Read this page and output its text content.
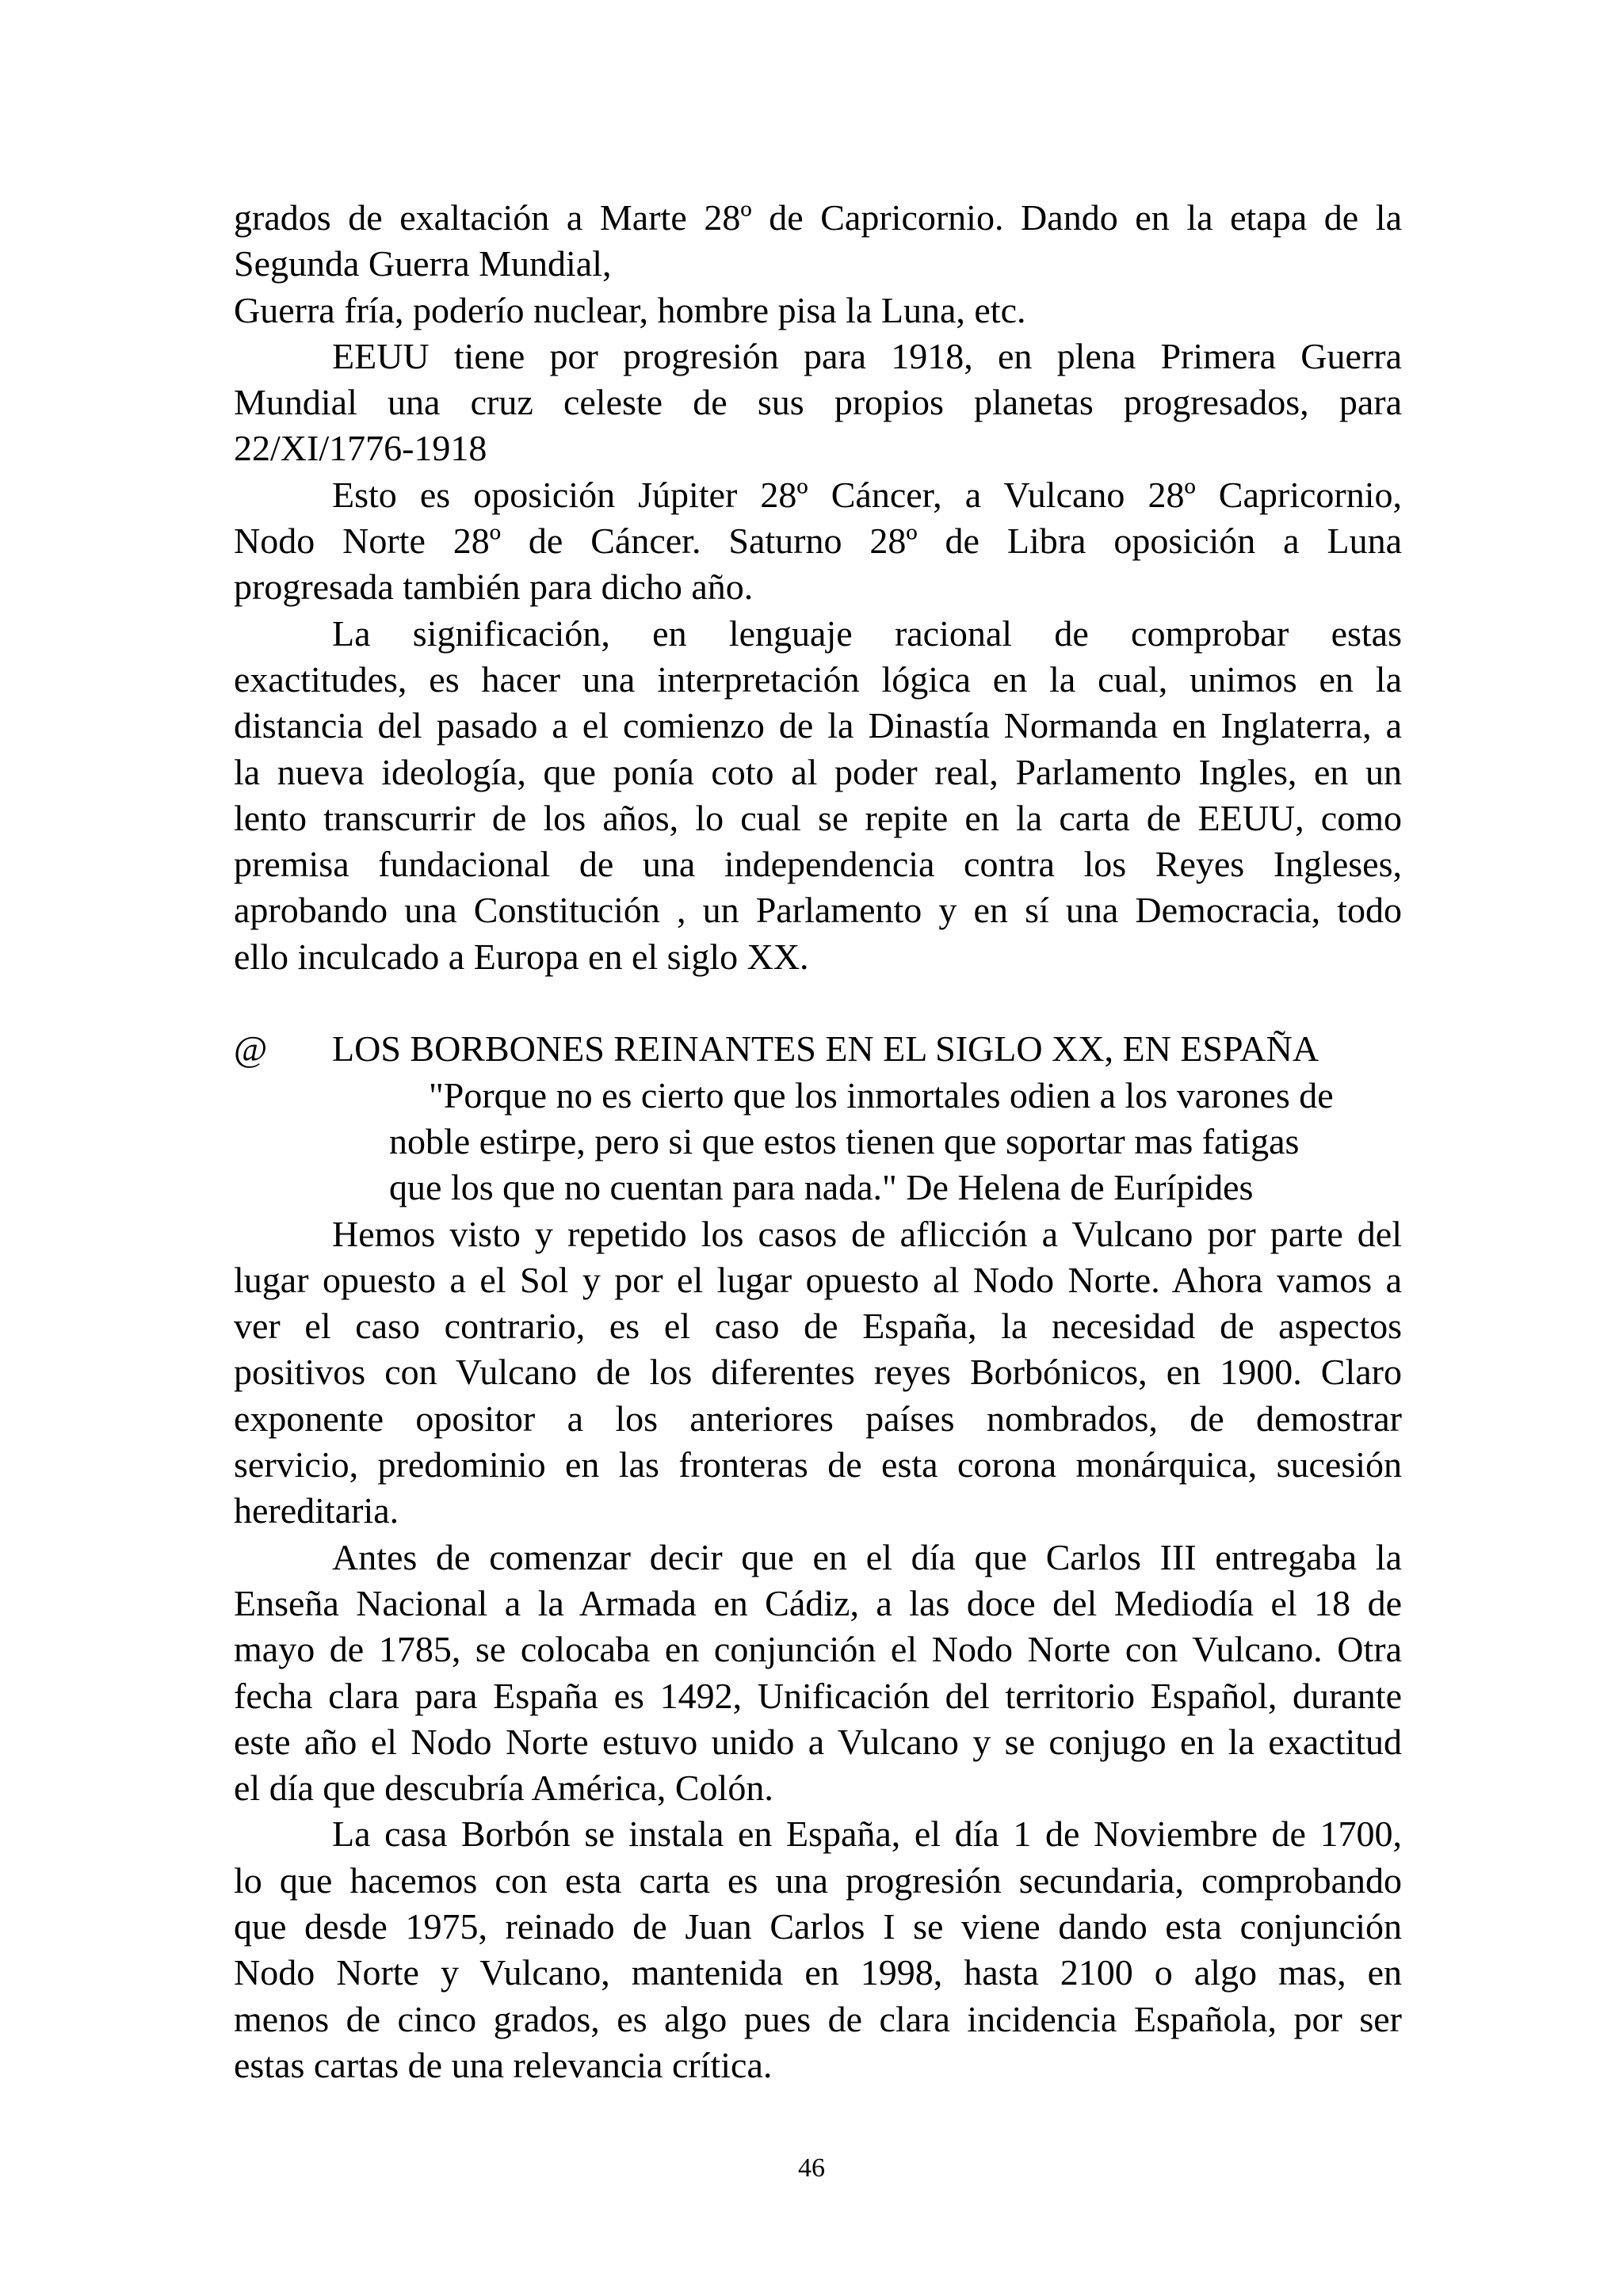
grados de exaltación a Marte 28º de Capricornio. Dando en la etapa de la
Segunda Guerra Mundial,

Guerra fría, poderío nuclear, hombre pisa la Luna, etc.

EEUU tiene por progresión para 1918, en plena Primera Guerra
Mundial una cruz celeste de sus propios planetas progresados, para
22/XI/1776-1918

Esto es oposición Júpiter 28º Cáncer, a Vulcano 28º Capricornio,
Nodo Norte 28º de Cáncer. Saturno 28º de Libra oposición a Luna
progresada también para dicho año.

La significación, en lenguaje racional de comprobar estas
exactitudes, es hacer una interpretación lógica en la cual, unimos en la
distancia del pasado a el comienzo de la Dinastía Normanda en Inglaterra, a
la nueva ideología, que ponía coto al poder real, Parlamento Ingles, en un
lento transcurrir de los años, lo cual se repite en la carta de EEUU, como
premisa fundacional de una independencia contra los Reyes Ingleses,
aprobando una Constitución , un Parlamento y en sí una Democracia, todo
ello inculcado a Europa en el siglo XX.

@ LOS BORBONES REINANTES EN EL SIGLO XX, EN ESPAÑA
"Porque no es cierto que los inmortales odien a los varones de
noble estirpe, pero si que estos tienen que soportar mas fatigas
que los que no cuentan para nada." De Helena de Eurípides

Hemos visto y repetido los casos de aflicción a Vulcano por parte del
lugar opuesto a el Sol y por el lugar opuesto al Nodo Norte. Ahora vamos a
ver el caso contrario, es el caso de España, la necesidad de aspectos
positivos con Vulcano de los diferentes reyes Borbónicos, en 1900. Claro
exponente opositor a los anteriores países nombrados, de demostrar
servicio, predominio en las fronteras de esta corona monárquica, sucesión
hereditaria.

Antes de comenzar decir que en el día que Carlos III entregaba la
Enseña Nacional a la Armada en Cádiz, a las doce del Mediodía el 18 de
mayo de 1785, se colocaba en conjunción el Nodo Norte con Vulcano. Otra
fecha clara para España es 1492, Unificación del territorio Español, durante
este año el Nodo Norte estuvo unido a Vulcano y se conjugo en la exactitud
el día que descubría América, Colón.

La casa Borbón se instala en España, el día 1 de Noviembre de 1700,
lo que hacemos con esta carta es una progresión secundaria, comprobando
que desde 1975, reinado de Juan Carlos I se viene dando esta conjunción
Nodo Norte y Vulcano, mantenida en 1998, hasta 2100 o algo mas, en
menos de cinco grados, es algo pues de clara incidencia Española, por ser
estas cartas de una relevancia crítica.

46
